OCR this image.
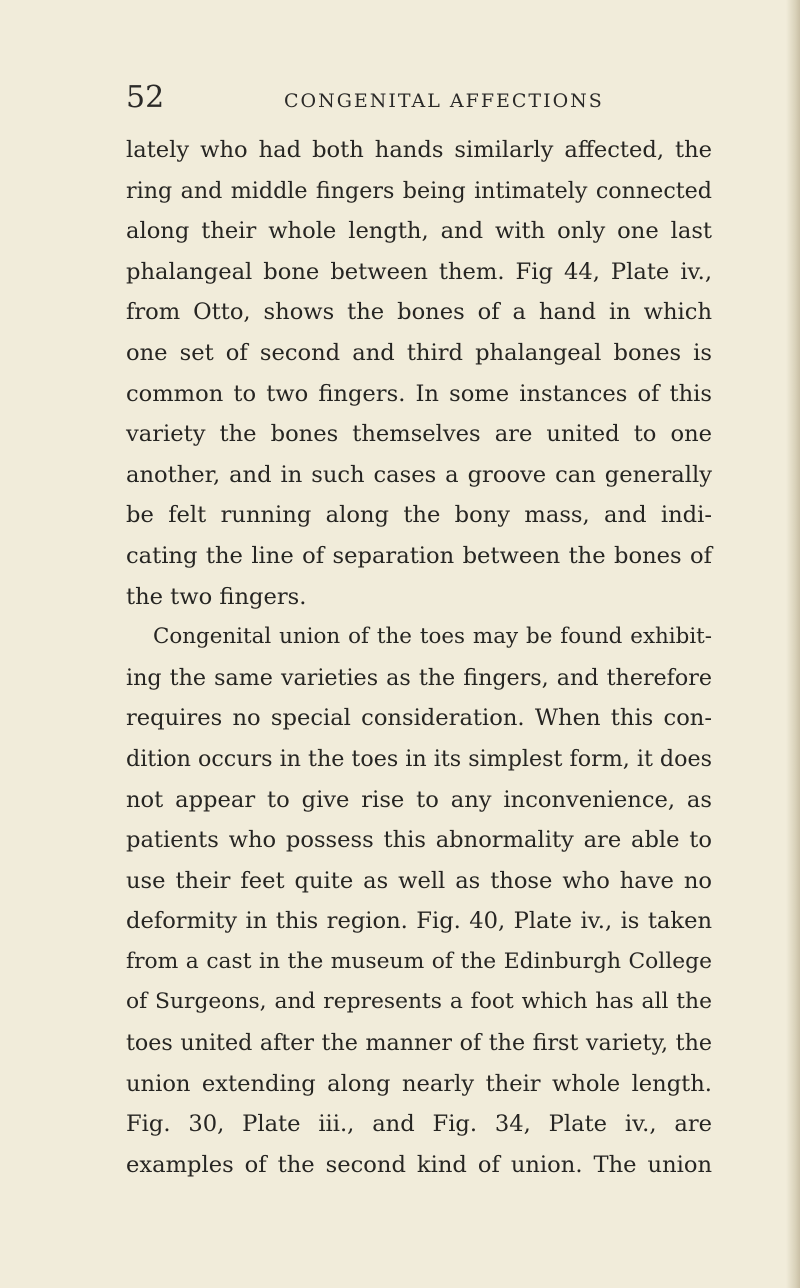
52	CONGENITAL AFFECTIONS
lately who had both hands similarly affected, the
ring and middle fingers being intimately connected
along their whole length, and with only one last
phalangeal bone between them. Fig 44, Plate iv.,
from Otto, shows the bones of a hand in which
one set of second and third phalangeal bones is
common to two fingers. In some instances of this
variety the bones themselves are united to one
another, and in such cases a groove can generally
be felt running along the bony mass, and indi-
cating the line of separation between the bones of
the two fingers.
Congenital union of the toes may be found exhibit-
ing the same varieties as the fingers, and therefore
requires no special consideration. When this con-
dition occurs in the toes in its simplest form, it does
not appear to give rise to any inconvenience, as
patients who possess this abnormality are able to
use their feet quite as well as those who have no
deformity in this region. Fig. 40, Plate iv., is taken
from a cast in the museum of the Edinburgh College
of Surgeons, and represents a foot which has all the
toes united after the manner of the first variety, the
union extending along nearly their whole length.
Fig. 30, Plate iii., and Fig. 34, Plate iv., are
examples of the second kind of union. The union
